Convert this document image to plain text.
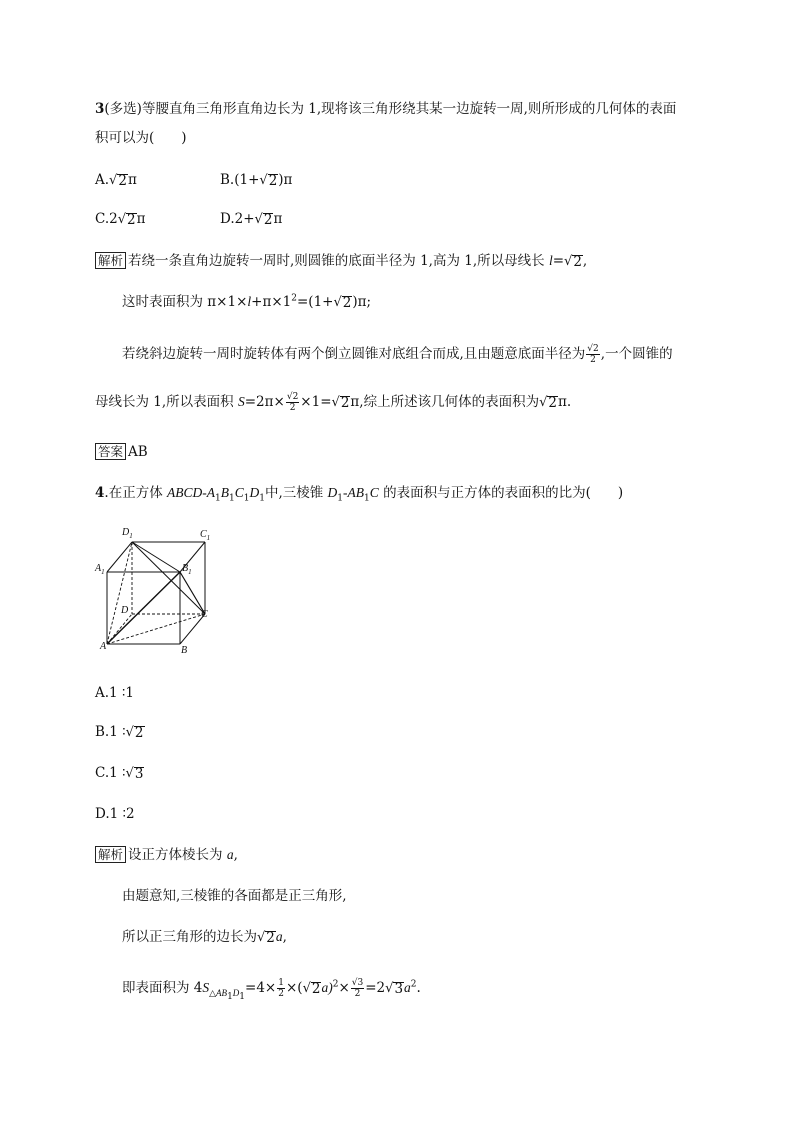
3(多选)等腰直角三角形直角边长为 1,现将该三角形绕其某一边旋转一周,则所形成的几何体的表面
积可以为(　　)
A. √ 2 π	B.(1+ √ 2 )π
C.2 √ 2 π	D.2+ √ 2 π
解析 若绕一条直角边旋转一周时,则圆锥的底面半径为 1,高为 1,所以母线长 l= √ 2 ,
这时表面积为 $\pi\times 1\times l+\pi\times 1^2=(1+$ √ 2 )π;
若绕斜边旋转一周时旋转体有两个倒立圆锥对底组合而成,且由题意底面半径为 $\frac{√2}{2}$ ,一个圆锥的
母线长为 1,所以表面积 $S=2\pi\times \frac{√2}{2} \times 1=$ √ 2 π,综上所述该几何体的表面积为 √ 2 π.
答案 AB
4.在正方体 ABCD-$A_1B_1C_1D_1$中,三棱锥 $D_1-AB_1C$ 的表面积与正方体的表面积的比为(　　)
$D_1$	$C_1$
$A_1$	$B_1$
D	C
A	B
A.1 ∶1
B.1 ∶ √ 2
C.1 ∶ √ 3
D.1 ∶2
解析 设正方体棱长为 a,
由题意知,三棱锥的各面都是正三角形,
所以正三角形的边长为 √ 2 a,
即表面积为 $4S_{\triangle AB_1D_1}=4\times \frac{1}{2}$ ×( √ 2 $a)^2\times \frac{√3}{2} =2$ √ 3 $a^2$.
